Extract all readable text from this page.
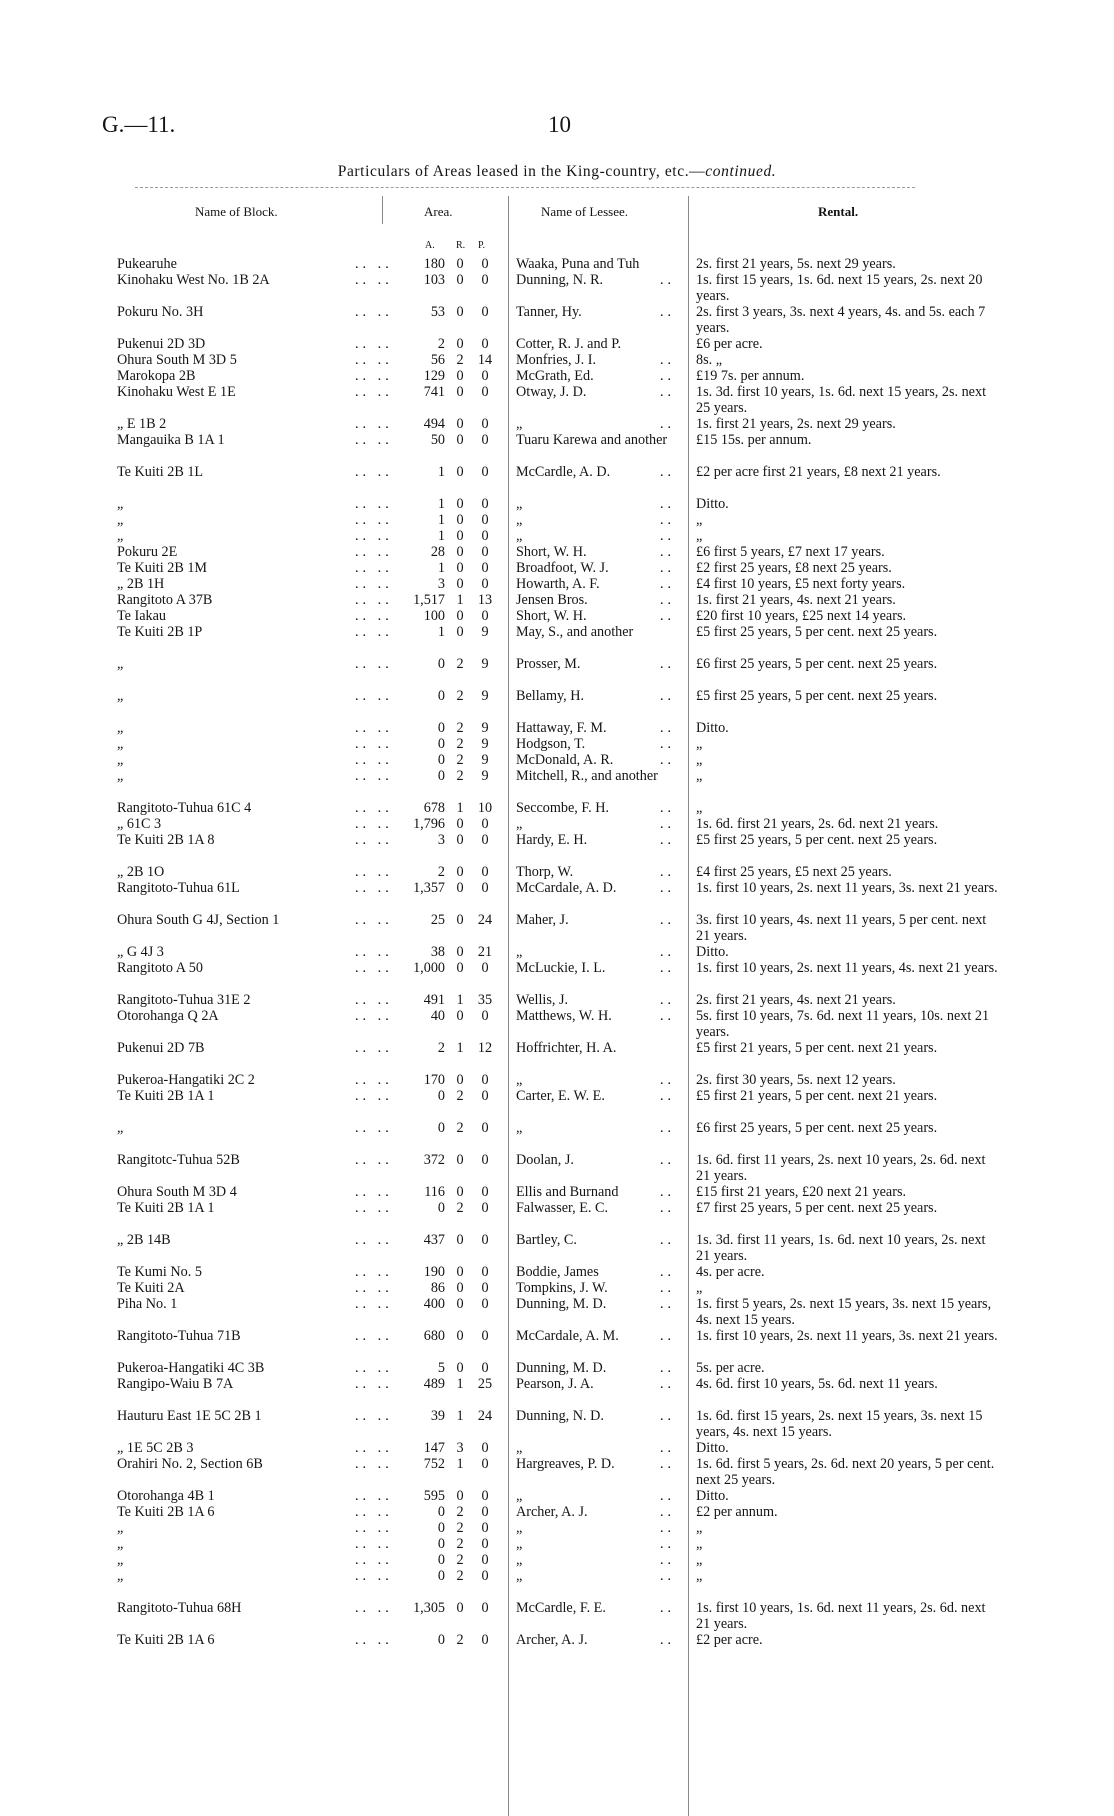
G.—11.	10
Particulars of Areas leased in the King-country, etc.—continued.
Name of Block.	Area.	Name of Lessee.	Rental.
A. R. P.
Pukearuhe	.. ..	180 0	0	Waaka, Puna and Tuh	2s. first 21 years, 5s. next 29 years.
Kinohaku West No. 1B 2A	.. ..	103 0	0	Dunning, N. R.	.. 1s. first 15 years, 1s. 6d. next 15 years, 2s. next 20 years.
Pokuru No. 3H	.. ..	53 0	0	Tanner, Hy.	.. 2s. first 3 years, 3s. next 4 years, 4s. and 5s. each 7 years.
Pukenui 2D 3D	.. ..	2 0	0	Cotter, R. J. and P.	£6 per acre.
Ohura South M 3D 5	.. ..	56 2	14	Monfries, J. I.	.. 8s. „
Marokopa 2B	.. ..	129 0	0	McGrath, Ed.	.. £19 7s. per annum.
Kinohaku West E 1E	.. ..	741 0	0	Otway, J. D.	.. 1s. 3d. first 10 years, 1s. 6d. next 15 years, 2s. next 25 years.
„ E 1B 2	.. ..	494 0	0	„	.. 1s. first 21 years, 2s. next 29 years.
Mangauika B 1A 1	.. ..	50 0	0	Tuaru Karewa and another	£15 15s. per annum.
Te Kuiti 2B 1L	.. ..	1 0	0	McCardle, A. D.	.. £2 per acre first 21 years, £8 next 21 years.
„	.. ..	1 0	0	„	.. Ditto.
„	.. ..	1 0	0	„	.. „
„	.. ..	1 0	0	„	.. „
Pokuru 2E	.. ..	28 0	0	Short, W. H.	.. £6 first 5 years, £7 next 17 years.
Te Kuiti 2B 1M	.. ..	1 0	0	Broadfoot, W. J.	.. £2 first 25 years, £8 next 25 years.
„ 2B 1H	.. ..	3 0	0	Howarth, A. F.	.. £4 first 10 years, £5 next forty years.
Rangitoto A 37B	.. ..	1,517 1	13	Jensen Bros.	.. 1s. first 21 years, 4s. next 21 years.
Te Iakau	.. ..	100 0	0	Short, W. H.	.. £20 first 10 years, £25 next 14 years.
Te Kuiti 2B 1P	.. ..	1 0	9	May, S., and another	£5 first 25 years, 5 per cent. next 25 years.
„	.. ..	0 2	9	Prosser, M.	.. £6 first 25 years, 5 per cent. next 25 years.
„	.. ..	0 2	9	Bellamy, H.	.. £5 first 25 years, 5 per cent. next 25 years.
„	.. ..	0 2	9	Hattaway, F. M.	.. Ditto.
„	.. ..	0 2	9	Hodgson, T.	.. „
„	.. ..	0 2	9	McDonald, A. R.	.. „
„	.. ..	0 2	9	Mitchell, R., and another	„
Rangitoto-Tuhua 61C 4	.. ..	678 1	10	Seccombe, F. H.	.. „
„ 61C 3	.. ..	1,796 0	0	„	.. 1s. 6d. first 21 years, 2s. 6d. next 21 years.
Te Kuiti 2B 1A 8	.. ..	3 0	0	Hardy, E. H.	.. £5 first 25 years, 5 per cent. next 25 years.
„ 2B 1O	.. ..	2 0	0	Thorp, W.	.. £4 first 25 years, £5 next 25 years.
Rangitoto-Tuhua 61L	.. ..	1,357 0	0	McCardale, A. D.	.. 1s. first 10 years, 2s. next 11 years, 3s. next 21 years.
Ohura South G 4J, Section 1	.. ..	25 0	24	Maher, J.	.. 3s. first 10 years, 4s. next 11 years, 5 per cent. next 21 years.
„ G 4J 3	.. ..	38 0	21	„	.. Ditto.
Rangitoto A 50	.. ..	1,000 0	0	McLuckie, I. L.	.. 1s. first 10 years, 2s. next 11 years, 4s. next 21 years.
Rangitoto-Tuhua 31E 2	.. ..	491 1	35	Wellis, J.	.. 2s. first 21 years, 4s. next 21 years.
Otorohanga Q 2A	.. ..	40 0	0	Matthews, W. H.	.. 5s. first 10 years, 7s. 6d. next 11 years, 10s. next 21 years.
Pukenui 2D 7B	.. ..	2 1	12	Hoffrichter, H. A.	£5 first 21 years, 5 per cent. next 21 years.
Pukeroa-Hangatiki 2C 2	.. ..	170 0	0	„	.. 2s. first 30 years, 5s. next 12 years.
Te Kuiti 2B 1A 1	.. ..	0 2	0	Carter, E. W. E.	.. £5 first 21 years, 5 per cent. next 21 years.
„	.. ..	0 2	0	„	.. £6 first 25 years, 5 per cent. next 25 years.
Rangitotc-Tuhua 52B	.. ..	372 0	0	Doolan, J.	.. 1s. 6d. first 11 years, 2s. next 10 years, 2s. 6d. next 21 years.
Ohura South M 3D 4	.. ..	116 0	0	Ellis and Burnand	.. £15 first 21 years, £20 next 21 years.
Te Kuiti 2B 1A 1	.. ..	0 2	0	Falwasser, E. C.	.. £7 first 25 years, 5 per cent. next 25 years.
„ 2B 14B	.. ..	437 0	0	Bartley, C.	.. 1s. 3d. first 11 years, 1s. 6d. next 10 years, 2s. next 21 years.
Te Kumi No. 5	.. ..	190 0	0	Boddie, James	.. 4s. per acre.
Te Kuiti 2A	.. ..	86 0	0	Tompkins, J. W.	.. „
Piha No. 1	.. ..	400 0	0	Dunning, M. D.	.. 1s. first 5 years, 2s. next 15 years, 3s. next 15 years, 4s. next 15 years.
Rangitoto-Tuhua 71B	.. ..	680 0	0	McCardale, A. M.	.. 1s. first 10 years, 2s. next 11 years, 3s. next 21 years.
Pukeroa-Hangatiki 4C 3B	.. ..	5 0	0	Dunning, M. D.	.. 5s. per acre.
Rangipo-Waiu B 7A	.. ..	489 1	25	Pearson, J. A.	.. 4s. 6d. first 10 years, 5s. 6d. next 11 years.
Hauturu East 1E 5C 2B 1	.. ..	39 1	24	Dunning, N. D.	.. 1s. 6d. first 15 years, 2s. next 15 years, 3s. next 15 years, 4s. next 15 years.
„ 1E 5C 2B 3	.. ..	147 3	0	„	.. Ditto.
Orahiri No. 2, Section 6B	.. ..	752 1	0	Hargreaves, P. D.	.. 1s. 6d. first 5 years, 2s. 6d. next 20 years, 5 per cent. next 25 years.
Otorohanga 4B 1	.. ..	595 0	0	„	.. Ditto.
Te Kuiti 2B 1A 6	.. ..	0 2	0	Archer, A. J.	.. £2 per annum.
„	.. ..	0 2	0	„	.. „
„	.. ..	0 2	0	„	.. „
„	.. ..	0 2	0	„	.. „
„	.. ..	0 2	0	„	.. „
Rangitoto-Tuhua 68H	.. ..	1,305 0	0	McCardle, F. E.	.. 1s. first 10 years, 1s. 6d. next 11 years, 2s. 6d. next 21 years.
Te Kuiti 2B 1A 6	.. ..	0 2	0	Archer, A. J.	.. £2 per acre.
